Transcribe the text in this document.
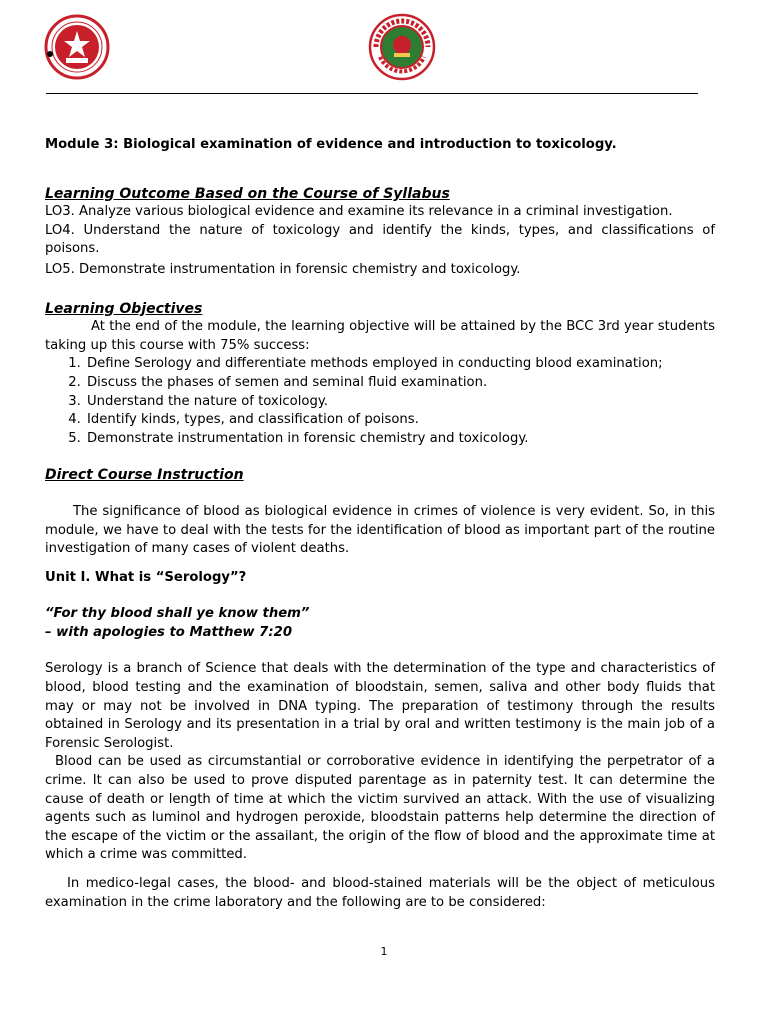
Module 3: Biological examination of evidence and introduction to toxicology.

Learning Outcome Based on the Course of Syllabus

LO3. Analyze various biological evidence and examine its relevance in a criminal investigation.

LO4. Understand the nature of toxicology and identify the kinds, types, and classifications of poisons.

LO5. Demonstrate instrumentation in forensic chemistry and toxicology.

Learning Objectives

At the end of the module, the learning objective will be attained by the BCC 3rd year students taking up this course with 75% success:

1. Define Serology and differentiate methods employed in conducting blood examination;
2. Discuss the phases of semen and seminal fluid examination.
3. Understand the nature of toxicology.
4. Identify kinds, types, and classification of poisons.
5. Demonstrate instrumentation in forensic chemistry and toxicology.

Direct Course Instruction

The significance of blood as biological evidence in crimes of violence is very evident. So, in this module, we have to deal with the tests for the identification of blood as important part of the routine investigation of many cases of violent deaths.

Unit I. What is “Serology”?

“For thy blood shall ye know them”

– with apologies to Matthew 7:20

Serology is a branch of Science that deals with the determination of the type and characteristics of blood, blood testing and the examination of bloodstain, semen, saliva and other body fluids that may or may not be involved in DNA typing. The preparation of testimony through the results obtained in Serology and its presentation in a trial by oral and written testimony is the main job of a Forensic Serologist.

Blood can be used as circumstantial or corroborative evidence in identifying the perpetrator of a crime. It can also be used to prove disputed parentage as in paternity test. It can determine the cause of death or length of time at which the victim survived an attack. With the use of visualizing agents such as luminol and hydrogen peroxide, bloodstain patterns help determine the direction of the escape of the victim or the assailant, the origin of the flow of blood and the approximate time at which a crime was committed.

In medico-legal cases, the blood- and blood-stained materials will be the object of meticulous examination in the crime laboratory and the following are to be considered:

1
